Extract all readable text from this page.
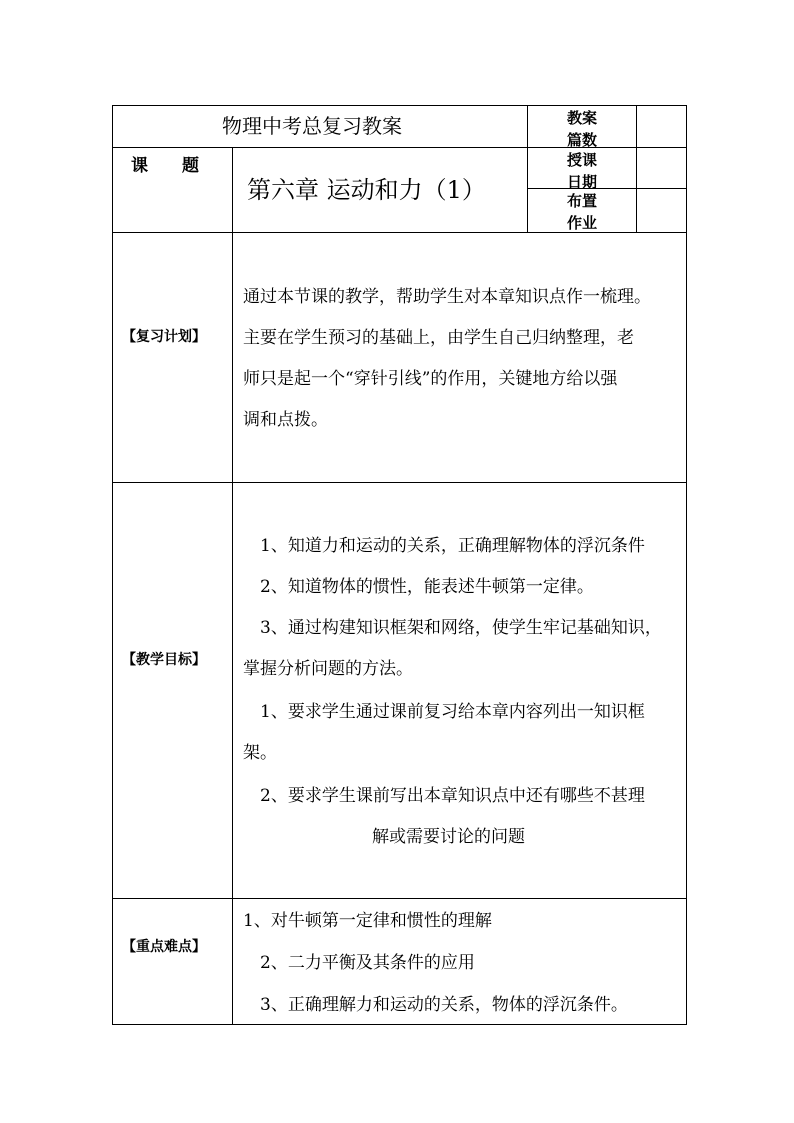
物理中考总复习教案	教案篇数
课　　题
第六章 运动和力（1）
授课日期
布置作业
【复习计划】
通过本节课的教学，帮助学生对本章知识点作一梳理。
主要在学生预习的基础上，由学生自己归纳整理，老
师只是起一个“穿针引线”的作用，关键地方给以强
调和点拨。
【教学目标】
1、知道力和运动的关系，正确理解物体的浮沉条件
2、知道物体的惯性，能表述牛顿第一定律。
3、通过构建知识框架和网络，使学生牢记基础知识，
掌握分析问题的方法。
1、要求学生通过课前复习给本章内容列出一知识框
架。
2、要求学生课前写出本章知识点中还有哪些不甚理
解或需要讨论的问题
【重点难点】
1、对牛顿第一定律和惯性的理解
2、二力平衡及其条件的应用
3、正确理解力和运动的关系，物体的浮沉条件。
